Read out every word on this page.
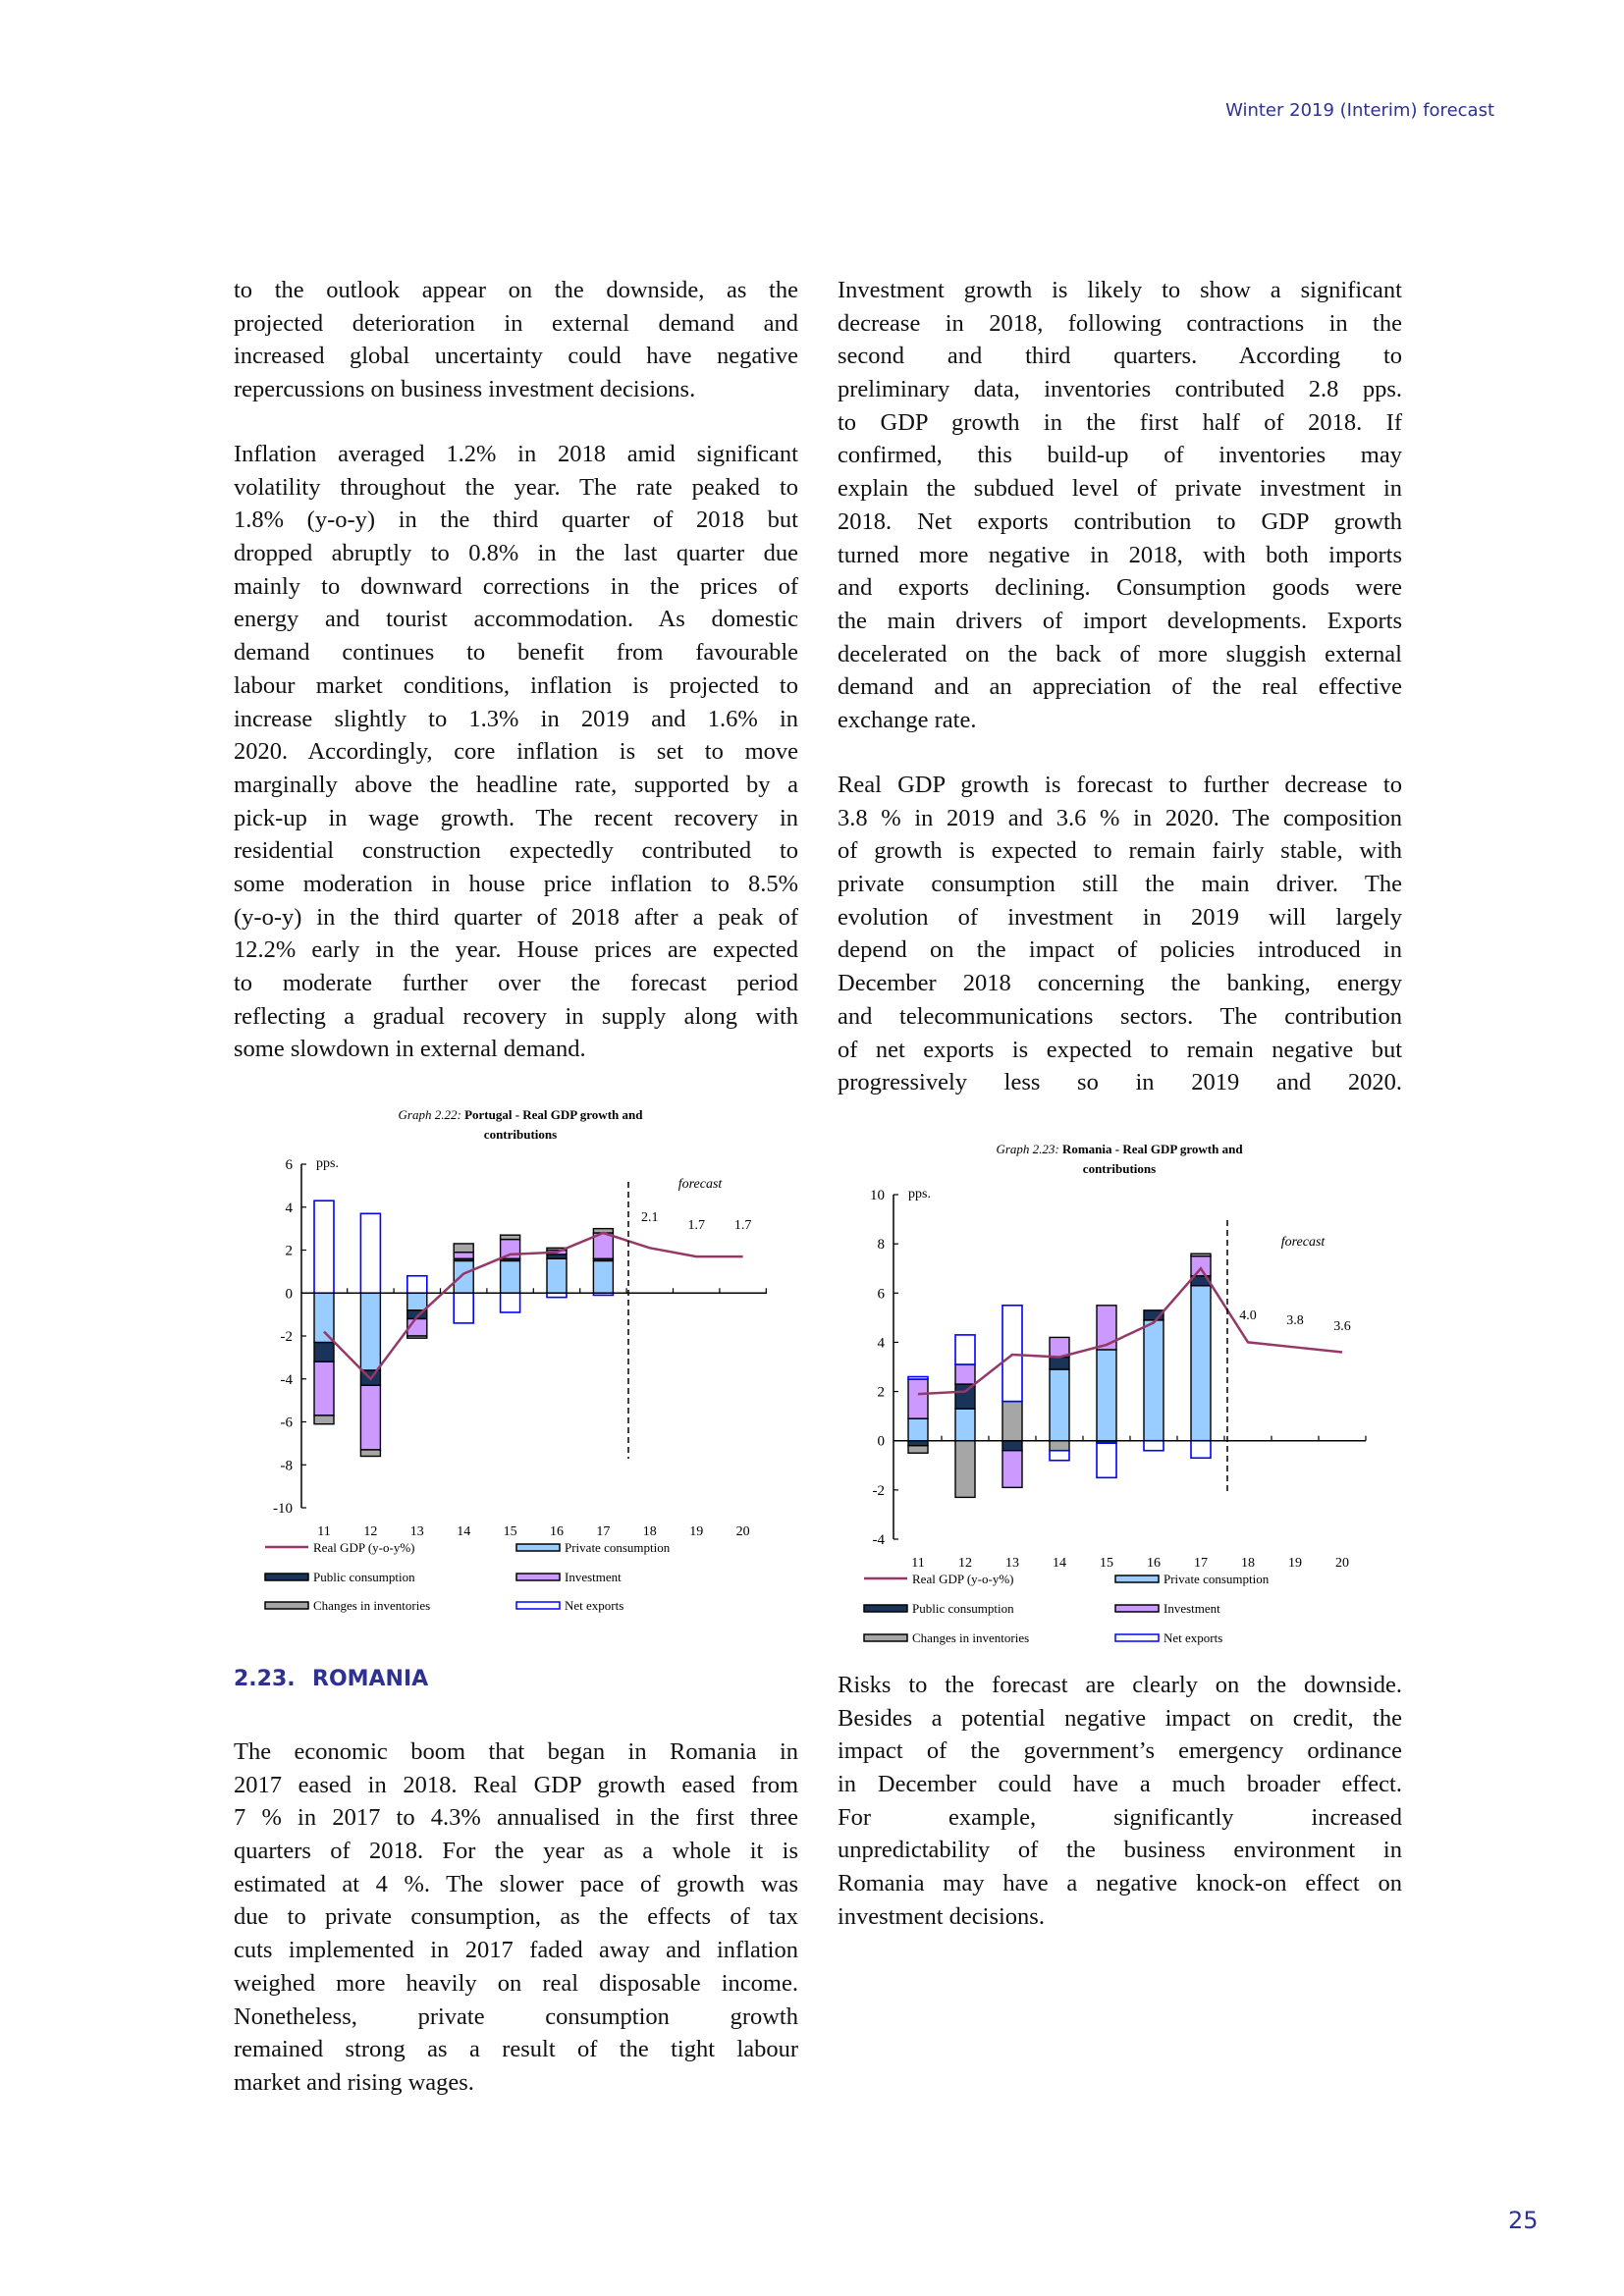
Winter 2019 (Interim) forecast
to the outlook appear on the downside, as the
projected deterioration in external demand and
increased global uncertainty could have negative
repercussions on business investment decisions.
Inflation averaged 1.2% in 2018 amid significant
volatility throughout the year. The rate peaked to
1.8% (y-o-y) in the third quarter of 2018 but
dropped abruptly to 0.8% in the last quarter due
mainly to downward corrections in the prices of
energy and tourist accommodation. As domestic
demand continues to benefit from favourable
labour market conditions, inflation is projected to
increase slightly to 1.3% in 2019 and 1.6% in
2020. Accordingly, core inflation is set to move
marginally above the headline rate, supported by a
pick-up in wage growth. The recent recovery in
residential construction expectedly contributed to
some moderation in house price inflation to 8.5%
(y-o-y) in the third quarter of 2018 after a peak of
12.2% early in the year. House prices are expected
to moderate further over the forecast period
reflecting a gradual recovery in supply along with
some slowdown in external demand.
Investment growth is likely to show a significant
decrease in 2018, following contractions in the
second and third quarters. According to
preliminary data, inventories contributed 2.8 pps.
to GDP growth in the first half of 2018. If
confirmed, this build-up of inventories may
explain the subdued level of private investment in
2018. Net exports contribution to GDP growth
turned more negative in 2018, with both imports
and exports declining. Consumption goods were
the main drivers of import developments. Exports
decelerated on the back of more sluggish external
demand and an appreciation of the real effective
exchange rate.
Real GDP growth is forecast to further decrease to
3.8 % in 2019 and 3.6 % in 2020. The composition
of growth is expected to remain fairly stable, with
private consumption still the main driver. The
evolution of investment in 2019 will largely
depend on the impact of policies introduced in
December 2018 concerning the banking, energy
and telecommunications sectors. The contribution
of net exports is expected to remain negative but
progressively less so in 2019 and 2020.
Graph 2.22: Portugal - Real GDP growth and
contributions
6
4
2
0
-2
-4
-6
-8
-10
pps.
11 12 13 14 15 16 17 18 19 20
forecast
2.1
1.7 1.7
Real GDP (y-o-y%)	Private consumption
Public consumption	Investment
Changes in inventories	Net exports
Graph 2.23: Romania - Real GDP growth and
contributions
10
8
6
4
2
0
-2
-4
pps.
11 12 13 14 15 16 17 18 19 20
forecast
4.0 3.8 3.6
Real GDP (y-o-y%)	Private consumption
Public consumption	Investment
Changes in inventories	Net exports
2.23. ROMANIA
The economic boom that began in Romania in
2017 eased in 2018. Real GDP growth eased from
7 % in 2017 to 4.3% annualised in the first three
quarters of 2018. For the year as a whole it is
estimated at 4 %. The slower pace of growth was
due to private consumption, as the effects of tax
cuts implemented in 2017 faded away and inflation
weighed more heavily on real disposable income.
Nonetheless, private consumption growth
remained strong as a result of the tight labour
market and rising wages.
Risks to the forecast are clearly on the downside.
Besides a potential negative impact on credit, the
impact of the government’s emergency ordinance
in December could have a much broader effect.
For example, significantly increased
unpredictability of the business environment in
Romania may have a negative knock-on effect on
investment decisions.
25
